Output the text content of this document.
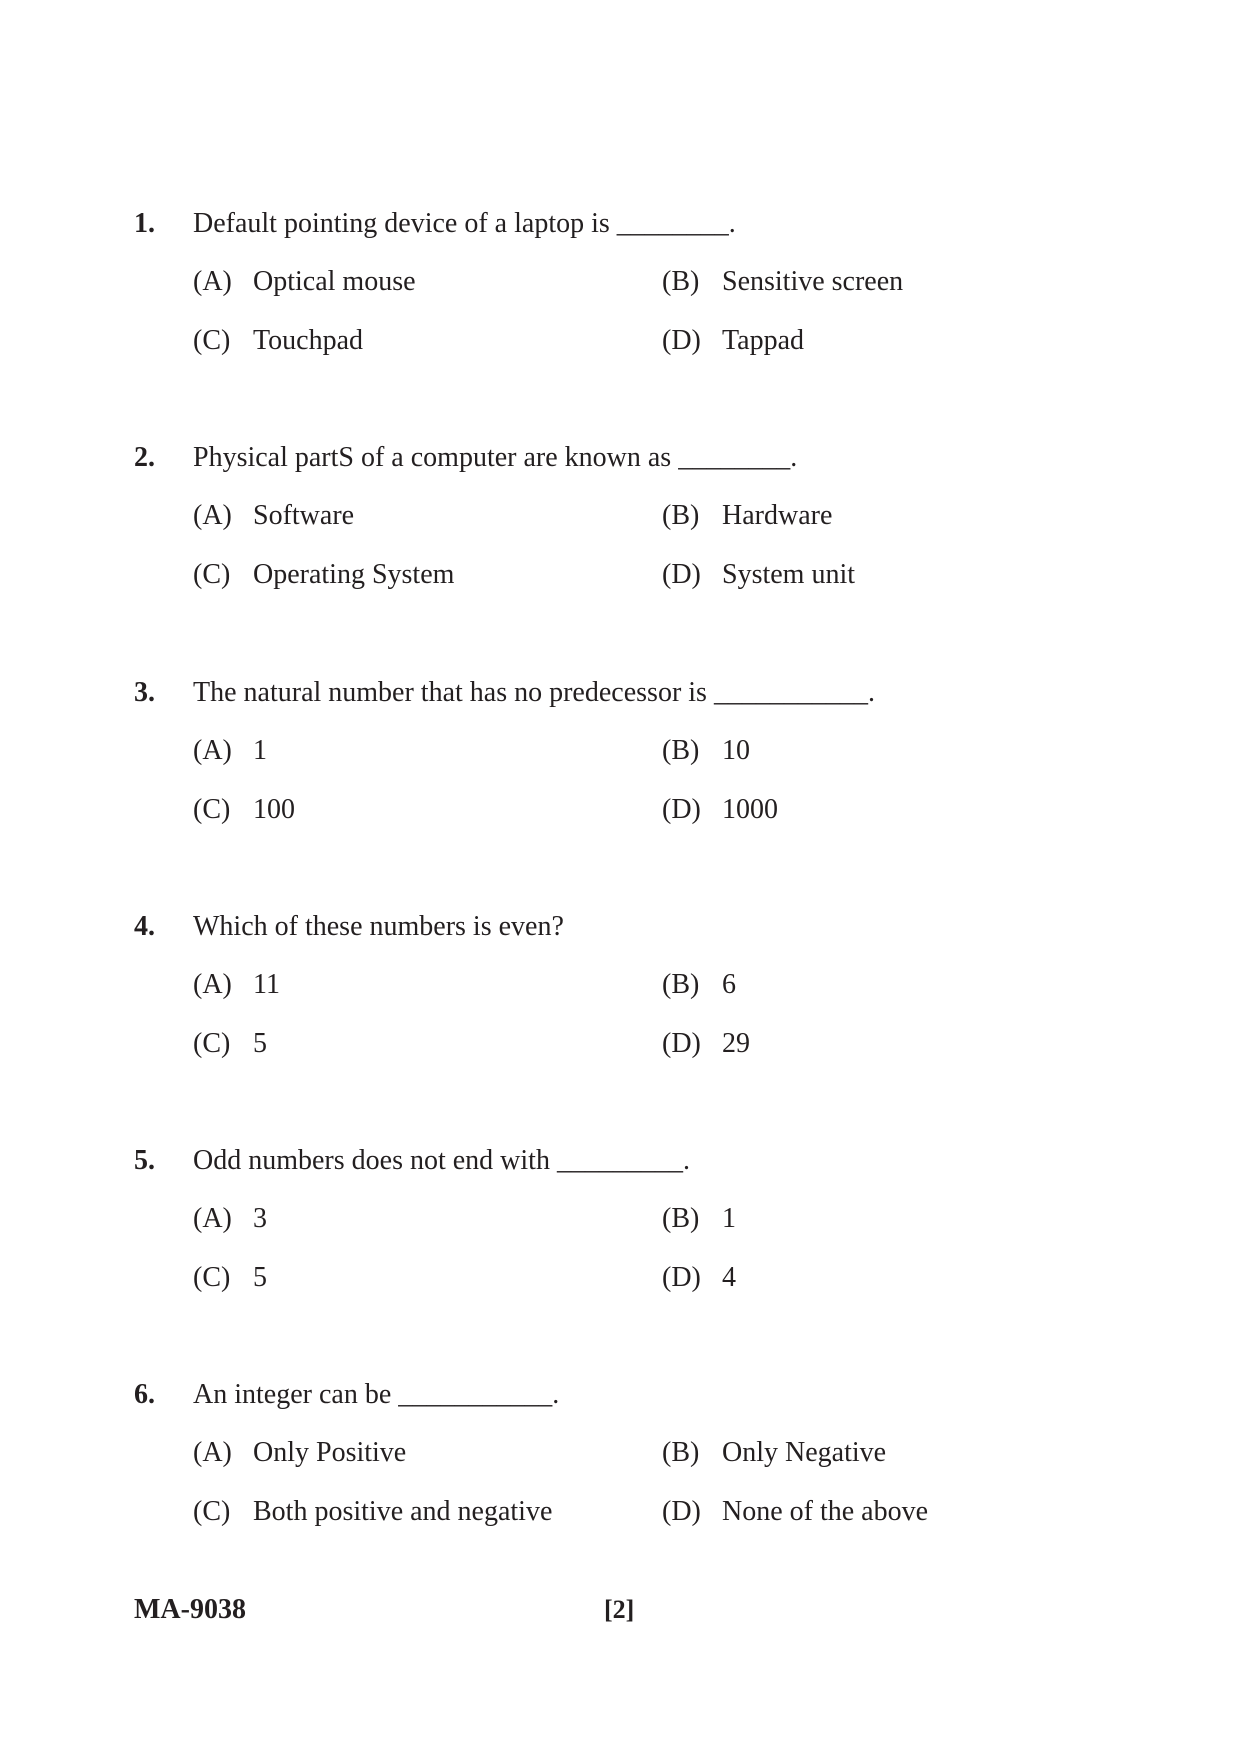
1. Default pointing device of a laptop is ________.
(A) Optical mouse	(B) Sensitive screen
(C) Touchpad	(D) Tappad
2. Physical partS of a computer are known as ________.
(A) Software	(B) Hardware
(C) Operating System	(D) System unit
3. The natural number that has no predecessor is ___________.
(A) 1	(B) 10
(C) 100	(D) 1000
4. Which of these numbers is even?
(A) 11	(B) 6
(C) 5	(D) 29
5. Odd numbers does not end with _________.
(A) 3	(B) 1
(C) 5	(D) 4
6. An integer can be ___________.
(A) Only Positive	(B) Only Negative
(C) Both positive and negative	(D) None of the above
MA-9038	[2]
